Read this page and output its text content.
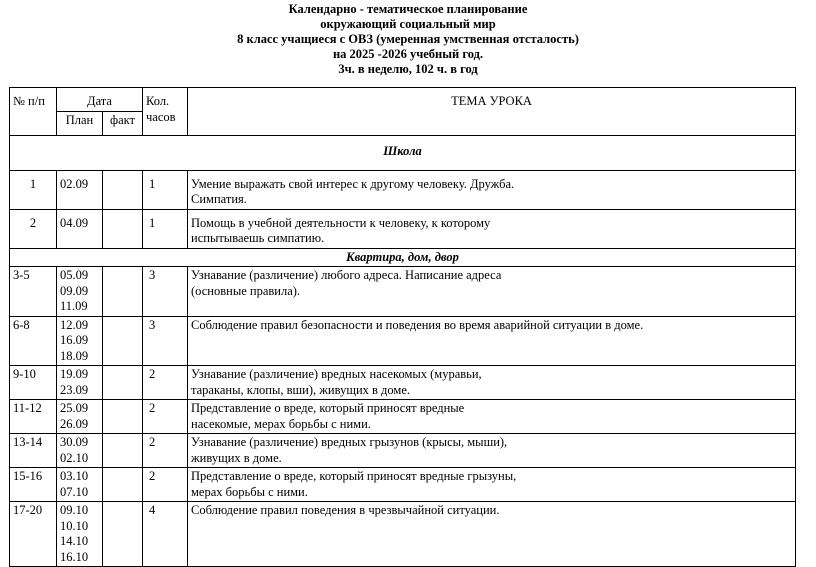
Календарно - тематическое планирование
окружающий социальный мир
8 класс учащиеся с ОВЗ (умеренная умственная отсталость)
на 2025 -2026 учебный год.
3ч. в неделю, 102 ч. в год
№ п/п	Дата		Кол. часов	ТЕМА УРОКА
	План	факт		
Школа				
1	02.09		1	Умение выражать свой интерес к другому человеку. Дружба.
Симпатия.

2	04.09		1	Помощь в учебной деятельности к человеку, к которому
испытываешь симпатию.

Квартира, дом, двор				
3-5	05.09
09.09
11.09		3	Узнавание (различение) любого адреса. Написание адреса
(основные правила).

6-8	12.09
16.09
18.09		3	Соблюдение правил безопасности и поведения во время аварийной ситуации в доме.

9-10	19.09
23.09		2	Узнавание (различение) вредных насекомых (муравьи,
тараканы, клопы, вши), живущих в доме.

11-12	25.09
26.09		2	Представление о вреде, который приносят вредные
насекомые, мерах борьбы с ними.

13-14	30.09
02.10		2	Узнавание (различение) вредных грызунов (крысы, мыши),
живущих в доме.

15-16	03.10
07.10		2	Представление о вреде, который приносят вредные грызуны,
мерах борьбы с ними.

17-20	09.10
10.10
14.10
16.10		4	Соблюдение правил поведения в чрезвычайной ситуации.
